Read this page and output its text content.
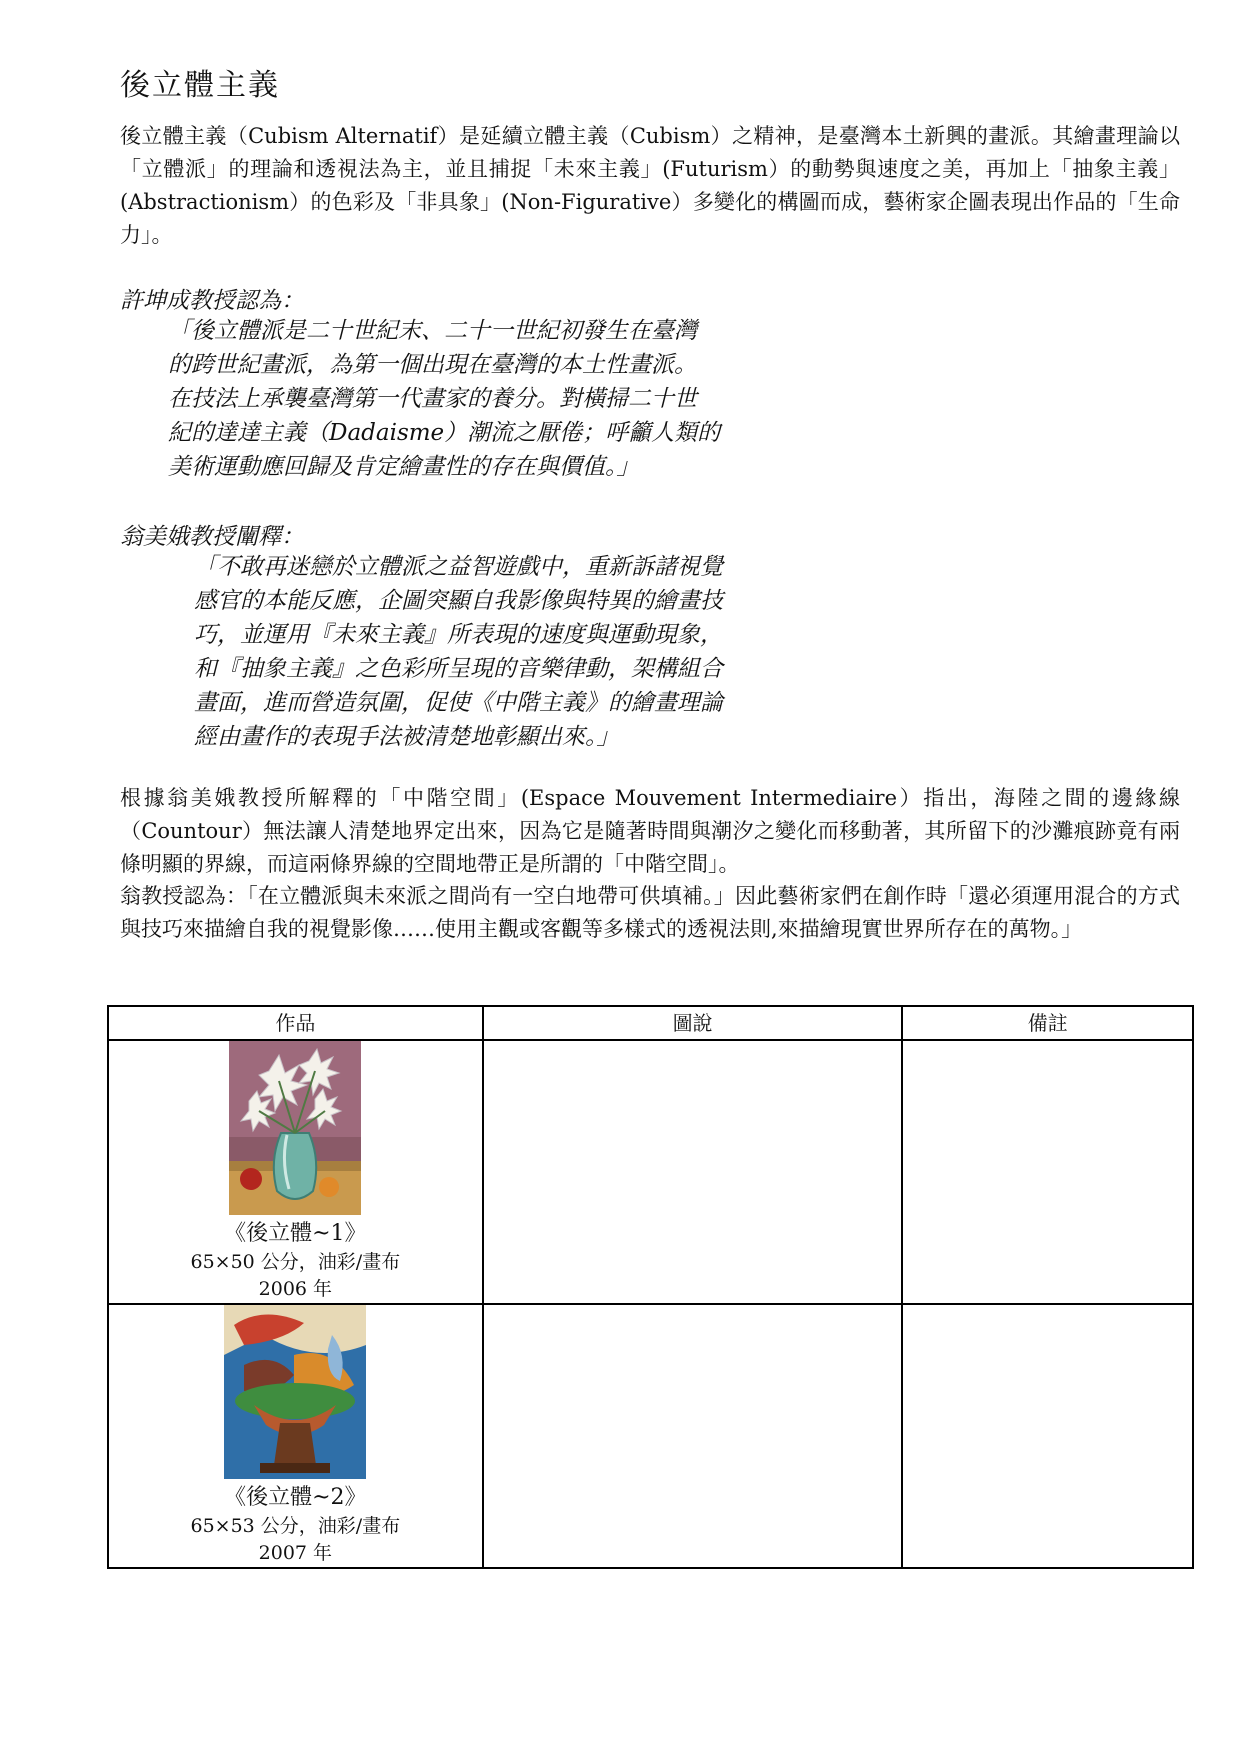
後立體主義
後立體主義（Cubism Alternatif）是延續立體主義（Cubism）之精神，是臺灣本土新興的畫派。其繪畫理論以「立體派」的理論和透視法為主，並且捕捉「未來主義」(Futurism）的動勢與速度之美，再加上「抽象主義」(Abstractionism）的色彩及「非具象」(Non-Figurative）多變化的構圖而成，藝術家企圖表現出作品的「生命力」。
許坤成教授認為：
「後立體派是二十世紀末、二十一世紀初發生在臺灣
的跨世紀畫派，為第一個出現在臺灣的本土性畫派。
在技法上承襲臺灣第一代畫家的養分。對橫掃二十世
紀的達達主義（Dadaisme）潮流之厭倦；呼籲人類的
美術運動應回歸及肯定繪畫性的存在與價值。」
翁美娥教授闡釋：
「不敢再迷戀於立體派之益智遊戲中，重新訴諸視覺
感官的本能反應，企圖突顯自我影像與特異的繪畫技
巧，並運用『未來主義』所表現的速度與運動現象，
和『抽象主義』之色彩所呈現的音樂律動，架構組合
畫面，進而營造氛圍，促使《中階主義》的繪畫理論
經由畫作的表現手法被清楚地彰顯出來。」
根據翁美娥教授所解釋的「中階空間」(Espace Mouvement Intermediaire）指出，海陸之間的邊緣線（Countour）無法讓人清楚地界定出來，因為它是隨著時間與潮汐之變化而移動著，其所留下的沙灘痕跡竟有兩條明顯的界線，而這兩條界線的空間地帶正是所謂的「中階空間」。
翁教授認為：「在立體派與未來派之間尚有一空白地帶可供填補。」因此藝術家們在創作時「還必須運用混合的方式與技巧來描繪自我的視覺影像……使用主觀或客觀等多樣式的透視法則,來描繪現實世界所存在的萬物。」
作品	圖說	備註

《後立體~1》
65×50 公分，油彩/畫布
2006 年		

《後立體~2》
65×53 公分，油彩/畫布
2007 年		
